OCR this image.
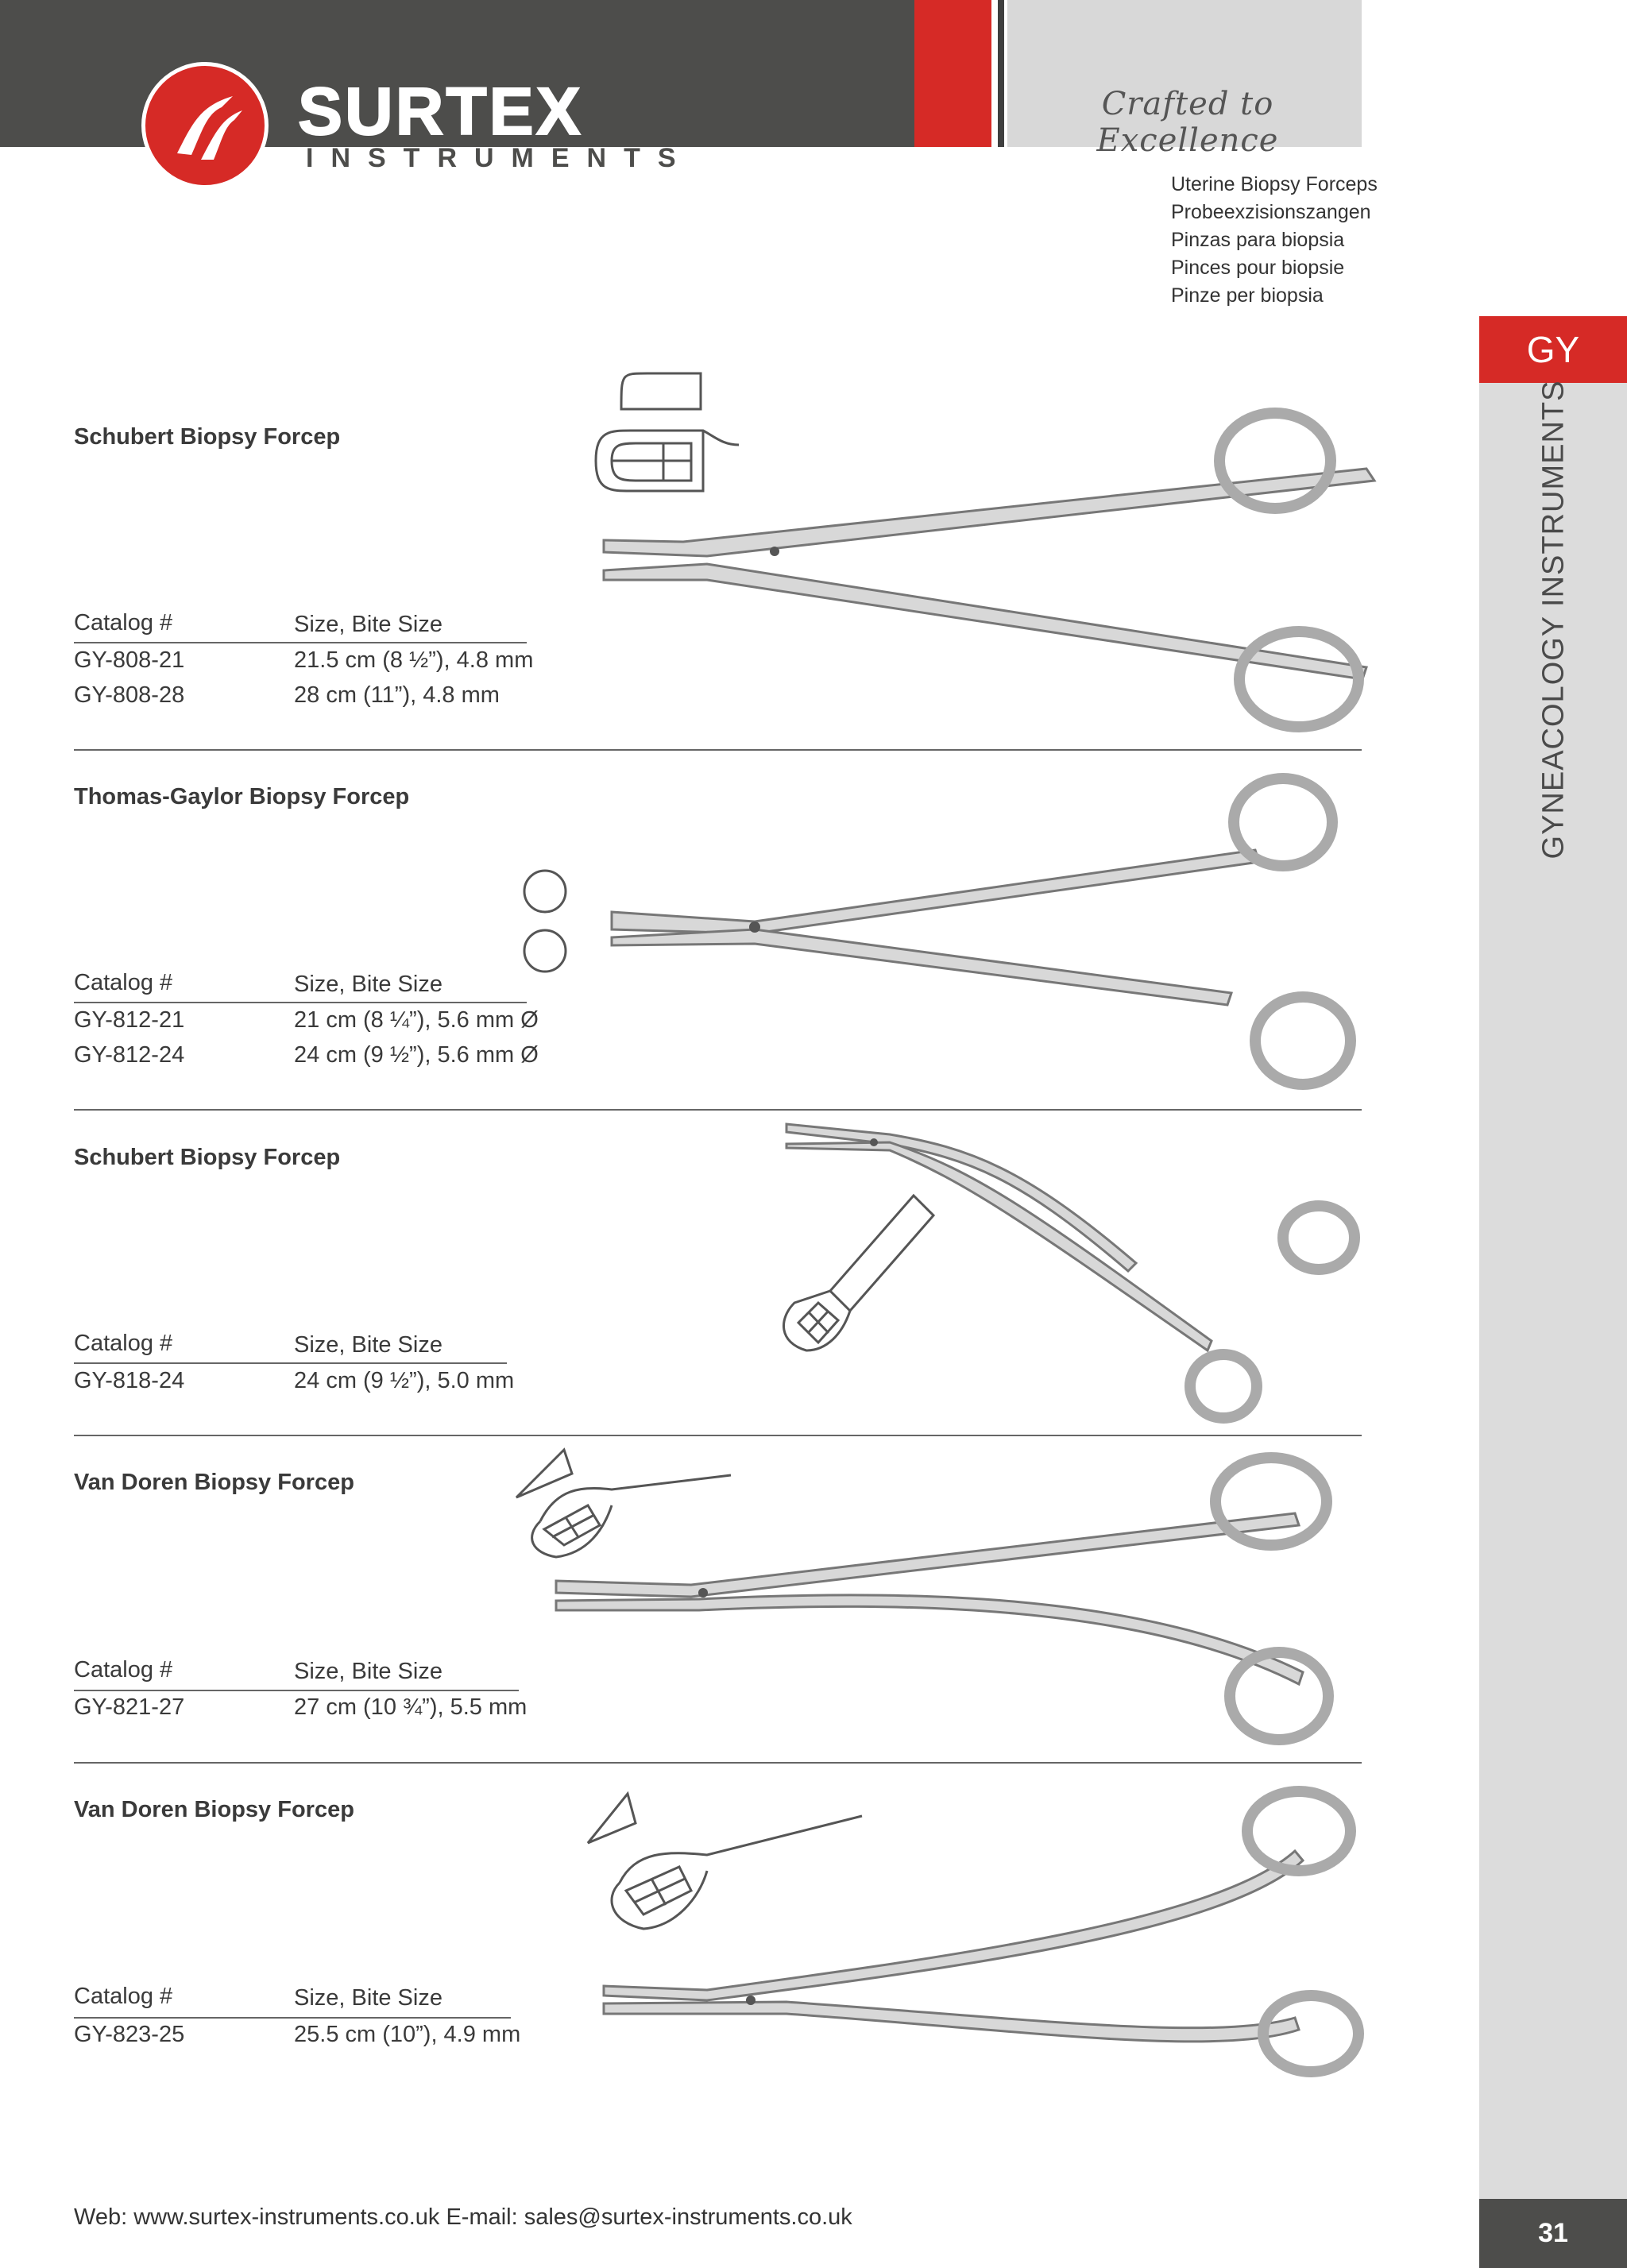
Crafted to Excellence
SURTEX
INSTRUMENTS
Uterine Biopsy Forceps
Probeexzisionszangen
Pinzas para biopsia
Pinces pour biopsie
Pinze per biopsia
GY
GYNEACOLOGY INSTRUMENTS
31
Schubert Biopsy Forcep
Catalog #	Size, Bite Size
GY-808-21	21.5 cm (8 ½”), 4.8 mm
GY-808-28	28 cm (11”), 4.8 mm
Thomas-Gaylor Biopsy Forcep
Catalog #	Size, Bite Size
GY-812-21	21 cm (8 ¼”), 5.6 mm Ø
GY-812-24	24 cm (9 ½”), 5.6 mm Ø
Schubert Biopsy Forcep
Catalog #	Size, Bite Size
GY-818-24	24 cm (9 ½”), 5.0 mm
Van Doren Biopsy Forcep
Catalog #	Size, Bite Size
GY-821-27	27 cm (10 ¾”), 5.5 mm
Van Doren Biopsy Forcep
Catalog #	Size, Bite Size
GY-823-25	25.5 cm (10”), 4.9 mm
Web: www.surtex-instruments.co.uk E-mail: sales@surtex-instruments.co.uk
